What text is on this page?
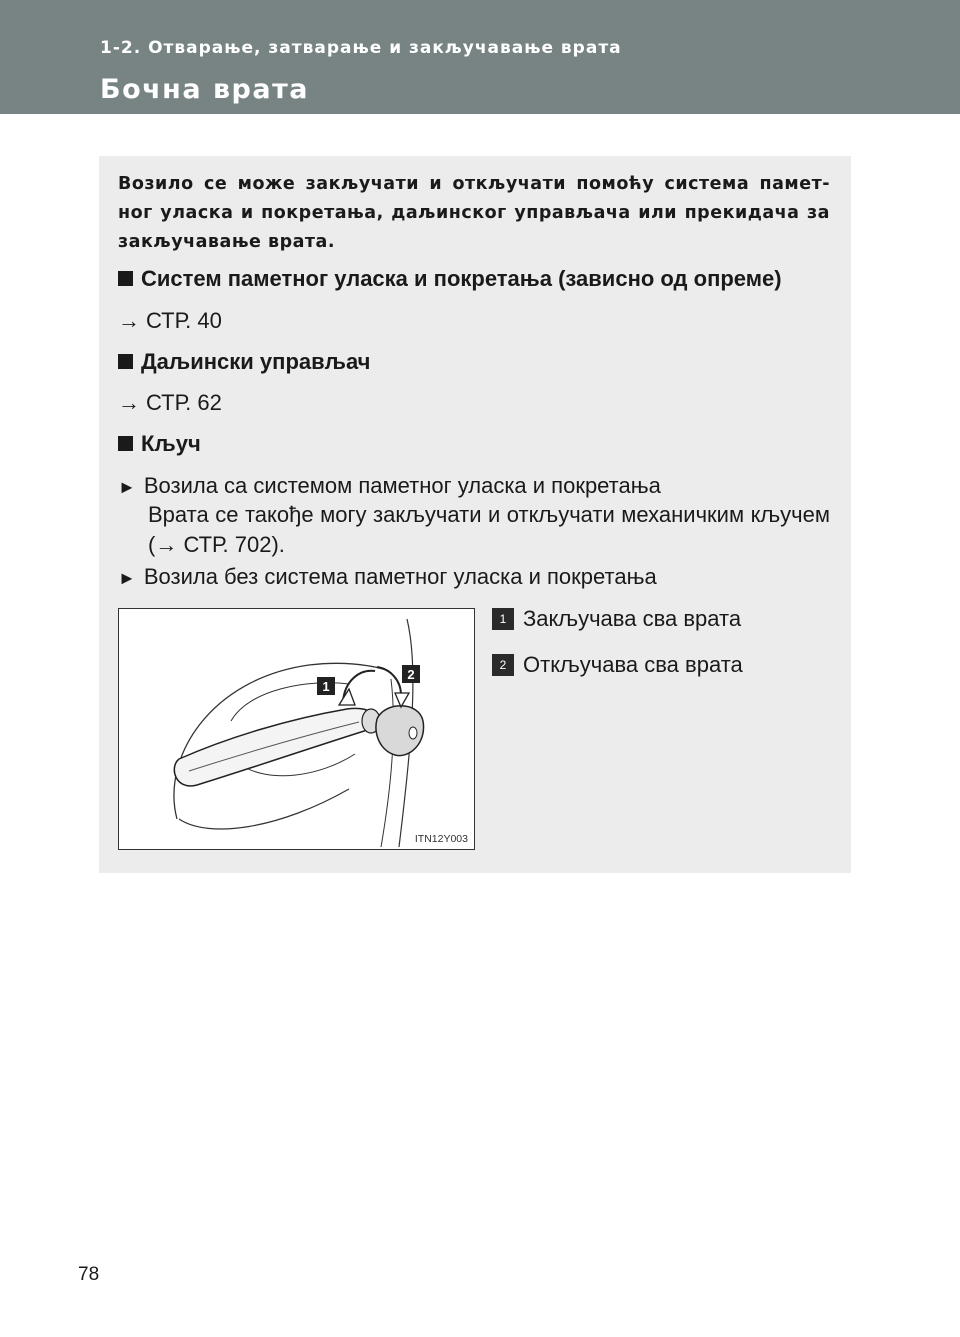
1-2. Отварање, затварање и закључавање врата
Бочна врата

Возило се може закључати и откључати помоћу система памет-ног уласка и покретања, даљинског управљача или прекидача за закључавање врата.

Систем паметног уласка и покретања (зависно од опреме)
→ СТР. 40
Даљински управљач
→ СТР. 62
Кључ
► Возила са системом паметног уласка и покретања

Врата се такође могу закључати и откључати механичким кључем (→ СТР. 702).

► Возила без система паметног уласка и покретања
1
2
ITN12Y003
1 Закључава сва врата
2 Откључава сва врата
78
